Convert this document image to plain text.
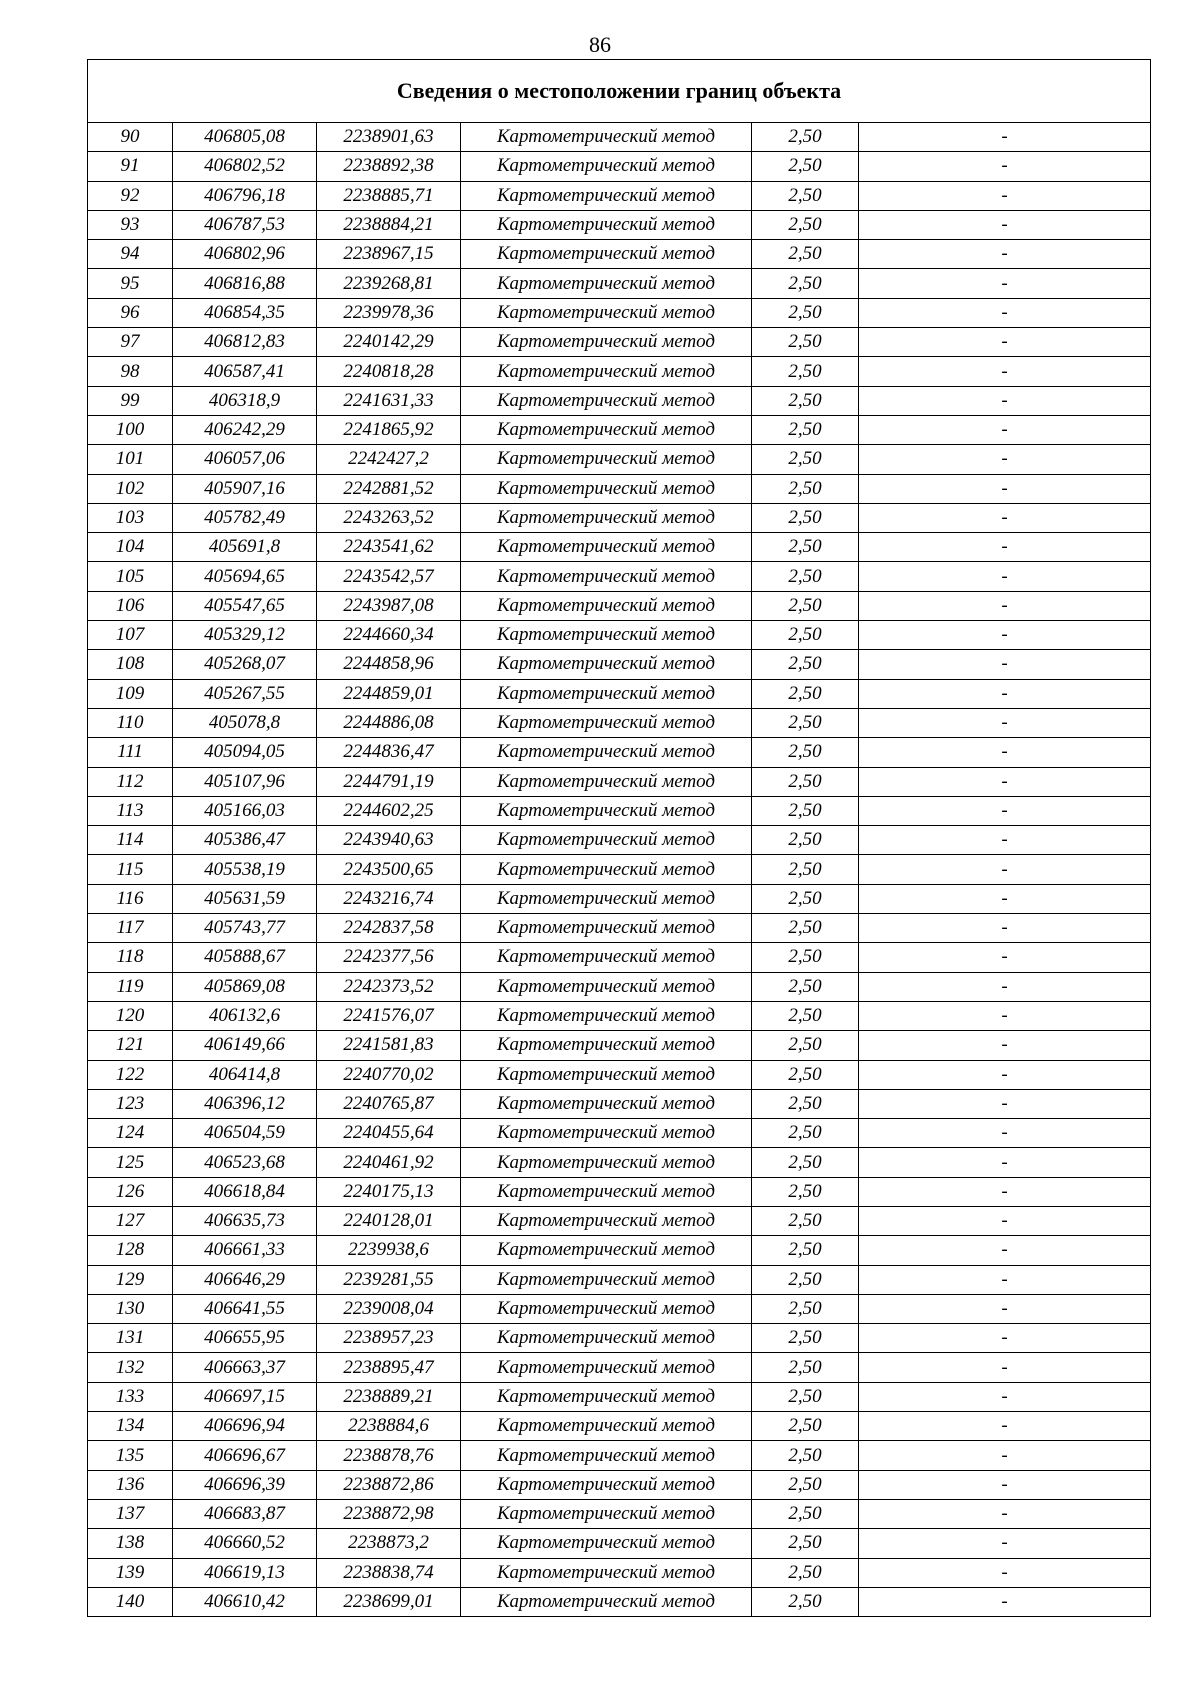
86
Сведения о местоположении границ объекта					
90	406805,08	2238901,63	Картометрический метод	2,50	-
91	406802,52	2238892,38	Картометрический метод	2,50	-
92	406796,18	2238885,71	Картометрический метод	2,50	-
93	406787,53	2238884,21	Картометрический метод	2,50	-
94	406802,96	2238967,15	Картометрический метод	2,50	-
95	406816,88	2239268,81	Картометрический метод	2,50	-
96	406854,35	2239978,36	Картометрический метод	2,50	-
97	406812,83	2240142,29	Картометрический метод	2,50	-
98	406587,41	2240818,28	Картометрический метод	2,50	-
99	406318,9	2241631,33	Картометрический метод	2,50	-
100	406242,29	2241865,92	Картометрический метод	2,50	-
101	406057,06	2242427,2	Картометрический метод	2,50	-
102	405907,16	2242881,52	Картометрический метод	2,50	-
103	405782,49	2243263,52	Картометрический метод	2,50	-
104	405691,8	2243541,62	Картометрический метод	2,50	-
105	405694,65	2243542,57	Картометрический метод	2,50	-
106	405547,65	2243987,08	Картометрический метод	2,50	-
107	405329,12	2244660,34	Картометрический метод	2,50	-
108	405268,07	2244858,96	Картометрический метод	2,50	-
109	405267,55	2244859,01	Картометрический метод	2,50	-
110	405078,8	2244886,08	Картометрический метод	2,50	-
111	405094,05	2244836,47	Картометрический метод	2,50	-
112	405107,96	2244791,19	Картометрический метод	2,50	-
113	405166,03	2244602,25	Картометрический метод	2,50	-
114	405386,47	2243940,63	Картометрический метод	2,50	-
115	405538,19	2243500,65	Картометрический метод	2,50	-
116	405631,59	2243216,74	Картометрический метод	2,50	-
117	405743,77	2242837,58	Картометрический метод	2,50	-
118	405888,67	2242377,56	Картометрический метод	2,50	-
119	405869,08	2242373,52	Картометрический метод	2,50	-
120	406132,6	2241576,07	Картометрический метод	2,50	-
121	406149,66	2241581,83	Картометрический метод	2,50	-
122	406414,8	2240770,02	Картометрический метод	2,50	-
123	406396,12	2240765,87	Картометрический метод	2,50	-
124	406504,59	2240455,64	Картометрический метод	2,50	-
125	406523,68	2240461,92	Картометрический метод	2,50	-
126	406618,84	2240175,13	Картометрический метод	2,50	-
127	406635,73	2240128,01	Картометрический метод	2,50	-
128	406661,33	2239938,6	Картометрический метод	2,50	-
129	406646,29	2239281,55	Картометрический метод	2,50	-
130	406641,55	2239008,04	Картометрический метод	2,50	-
131	406655,95	2238957,23	Картометрический метод	2,50	-
132	406663,37	2238895,47	Картометрический метод	2,50	-
133	406697,15	2238889,21	Картометрический метод	2,50	-
134	406696,94	2238884,6	Картометрический метод	2,50	-
135	406696,67	2238878,76	Картометрический метод	2,50	-
136	406696,39	2238872,86	Картометрический метод	2,50	-
137	406683,87	2238872,98	Картометрический метод	2,50	-
138	406660,52	2238873,2	Картометрический метод	2,50	-
139	406619,13	2238838,74	Картометрический метод	2,50	-
140	406610,42	2238699,01	Картометрический метод	2,50	-
